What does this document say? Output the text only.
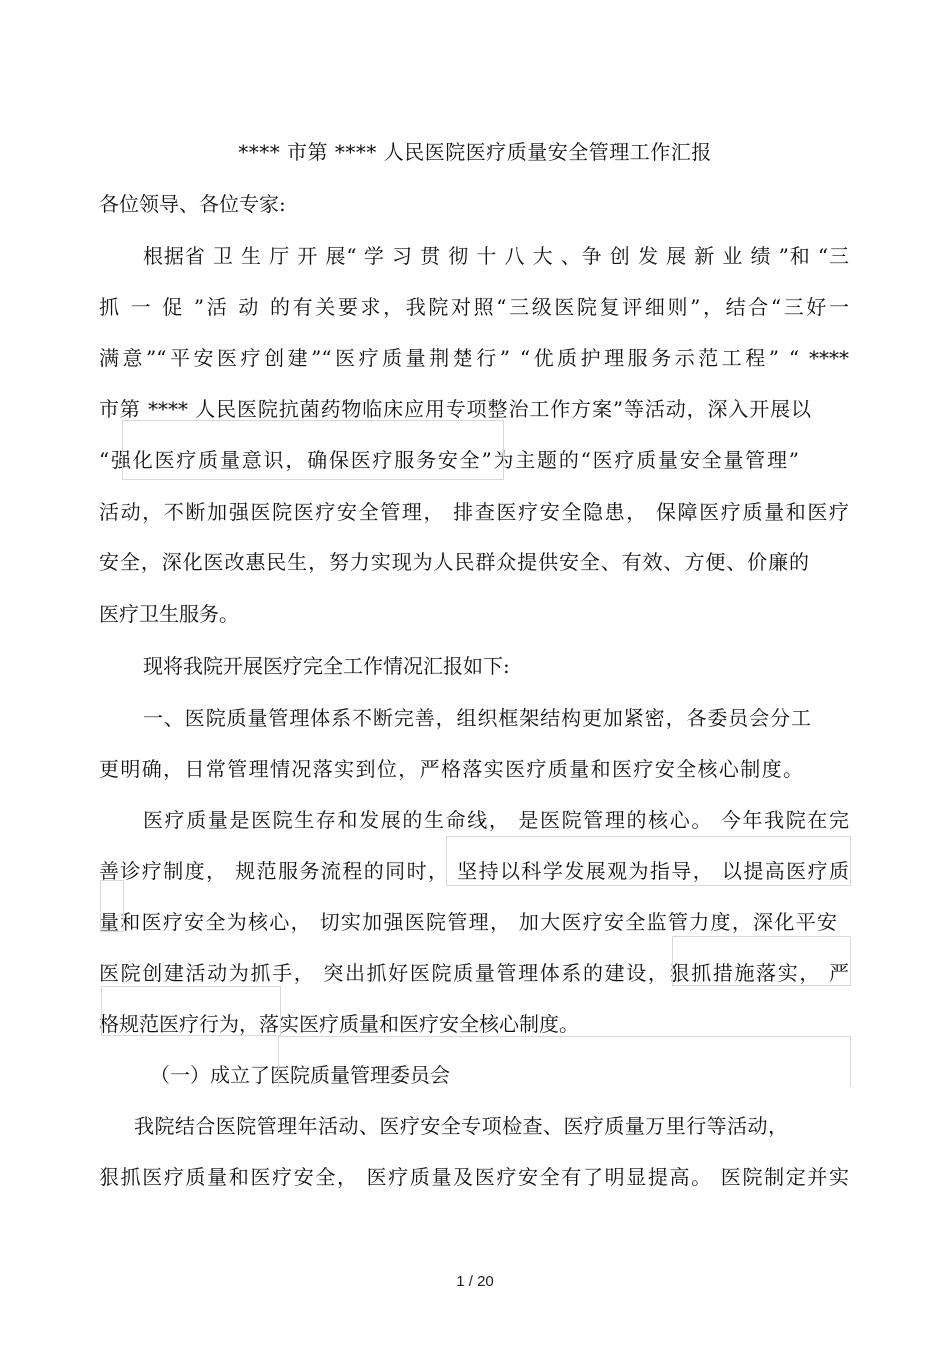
**** 市第 **** 人民医院医疗质量安全管理工作汇报
各位领导、各位专家:
根据省 卫 生 厅 开 展“ 学 习 贯 彻 十 八 大 、争 创 发 展 新 业 绩 ”和 “三
抓 一 促 ”活 动 的有关要求，我院对照“三级医院复评细则”，结合“三好一
满意”“平安医疗创建”“医疗质量荆楚行” “优质护理服务示范工程” “ ****
市第 **** 人民医院抗菌药物临床应用专项整治工作方案”等活动，深入开展以
“强化医疗质量意识，确保医疗服务安全”为主题的“医疗质量安全量管理”
活动，不断加强医院医疗安全管理， 排查医疗安全隐患， 保障医疗质量和医疗
安全，深化医改惠民生，努力实现为人民群众提供安全、有效、方便、价廉的
医疗卫生服务。
现将我院开展医疗完全工作情况汇报如下:
一、医院质量管理体系不断完善，组织框架结构更加紧密，各委员会分工
更明确，日常管理情况落实到位，严格落实医疗质量和医疗安全核心制度。
医疗质量是医院生存和发展的生命线， 是医院管理的核心。 今年我院在完
善诊疗制度， 规范服务流程的同时， 坚持以科学发展观为指导， 以提高医疗质
量和医疗安全为核心， 切实加强医院管理， 加大医疗安全监管力度，深化平安
医院创建活动为抓手， 突出抓好医院质量管理体系的建设，狠抓措施落实， 严
格规范医疗行为，落实医疗质量和医疗安全核心制度。
（一）成立了医院质量管理委员会
我院结合医院管理年活动、医疗安全专项检查、医疗质量万里行等活动，
狠抓医疗质量和医疗安全， 医疗质量及医疗安全有了明显提高。 医院制定并实
1 / 20
